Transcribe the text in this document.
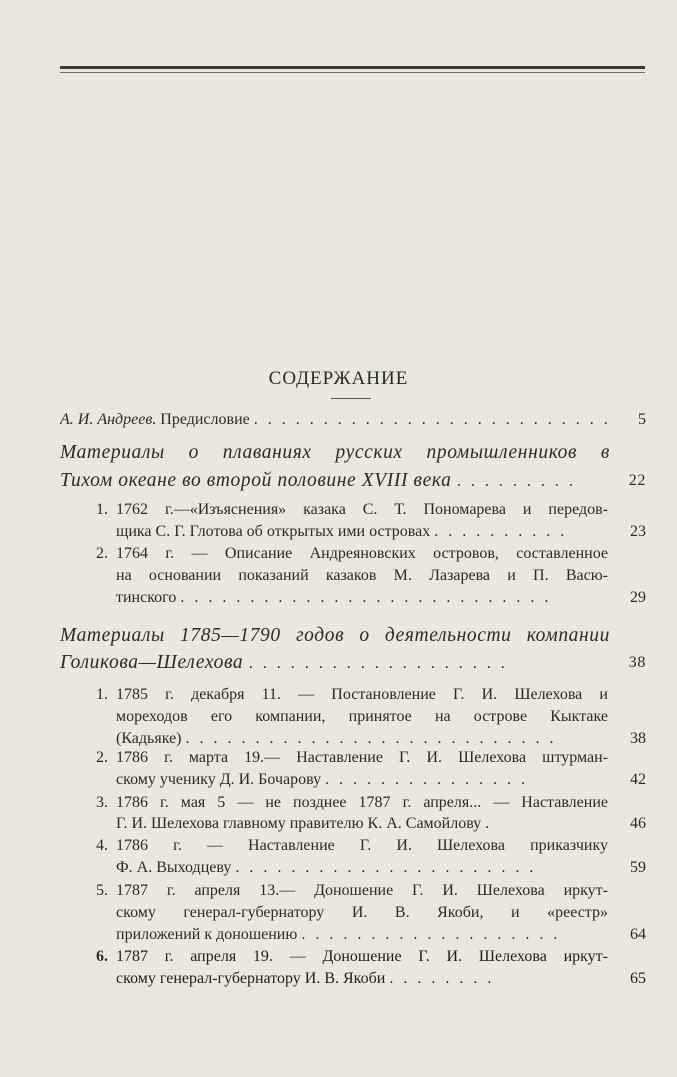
СОДЕРЖАНИЕ
А. И. Андреев. Предисловие . . . . . . . . . . . . . . . . . . . . . . . . . .	5
Материалы о плаваниях русских промышленников в
Тихом океане во второй половине XVIII века . . . . . . . . .	22
1. 1762 г.—«Изъяснения» казака С. Т. Пономарева и передов-
щика С. Г. Глотова об открытых ими островах . . . . . . . . . .	23
2. 1764 г. — Описание Андреяновских островов, составленное
на основании показаний казаков М. Лазарева и П. Васю-
тинского . . . . . . . . . . . . . . . . . . . . . . . . . . .	29
Материалы 1785—1790 годов о деятельности компании
Голикова—Шелехова . . . . . . . . . . . . . . . . . . .	38
1. 1785 г. декабря 11. — Постановление Г. И. Шелехова и
мореходов его компании, принятое на острове Кыктаке
(Кадьяке) . . . . . . . . . . . . . . . . . . . . . . . . . . .	38
2. 1786 г. марта 19.— Наставление Г. И. Шелехова штурман-
скому ученику Д. И. Бочарову . . . . . . . . . . . . . . .	42
3. 1786 г. мая 5 — не позднее 1787 г. апреля... — Наставление
Г. И. Шелехова главному правителю К. А. Самойлову .	46
4. 1786 г. — Наставление Г. И. Шелехова приказчику
Ф. А. Выходцеву . . . . . . . . . . . . . . . . . . . . . .	59
5. 1787 г. апреля 13.— Доношение Г. И. Шелехова иркут-
скому генерал-губернатору И. В. Якоби, и «реестр»
приложений к доношению . . . . . . . . . . . . . . . . . . .	64
6. 1787 г. апреля 19. — Доношение Г. И. Шелехова иркут-
скому генерал-губернатору И. В. Якоби . . . . . . . .	65
